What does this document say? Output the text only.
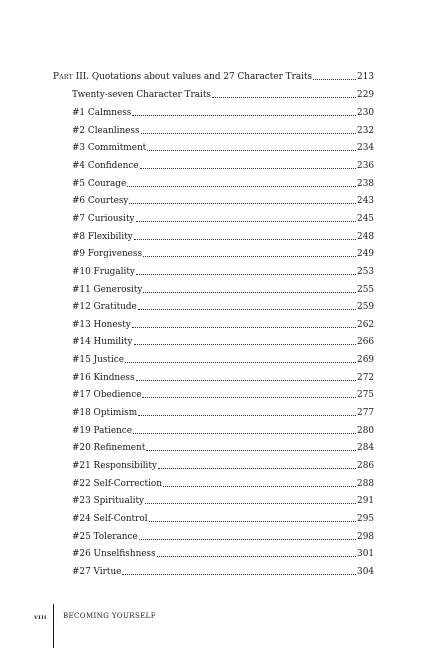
Part III. Quotations about values and 27 Character Traits	213
Twenty-seven Character Traits	229
#1 Calmness	230
#2 Cleanliness	232
#3 Commitment	234
#4 Confidence	236
#5 Courage	238
#6 Courtesy	243
#7 Curiousity	245
#8 Flexibility	248
#9 Forgiveness	249
#10 Frugality	253
#11 Generosity	255
#12 Gratitude	259
#13 Honesty	262
#14 Humility	266
#15 Justice	269
#16 Kindness	272
#17 Obedience	275
#18 Optimism	277
#19 Patience	280
#20 Refinement	284
#21 Responsibility	286
#22 Self-Correction	288
#23 Spirituality	291
#24 Self-Control	295
#25 Tolerance	298
#26 Unselfishness	301
#27 Virtue	304
viii BECOMING YOURSELF
